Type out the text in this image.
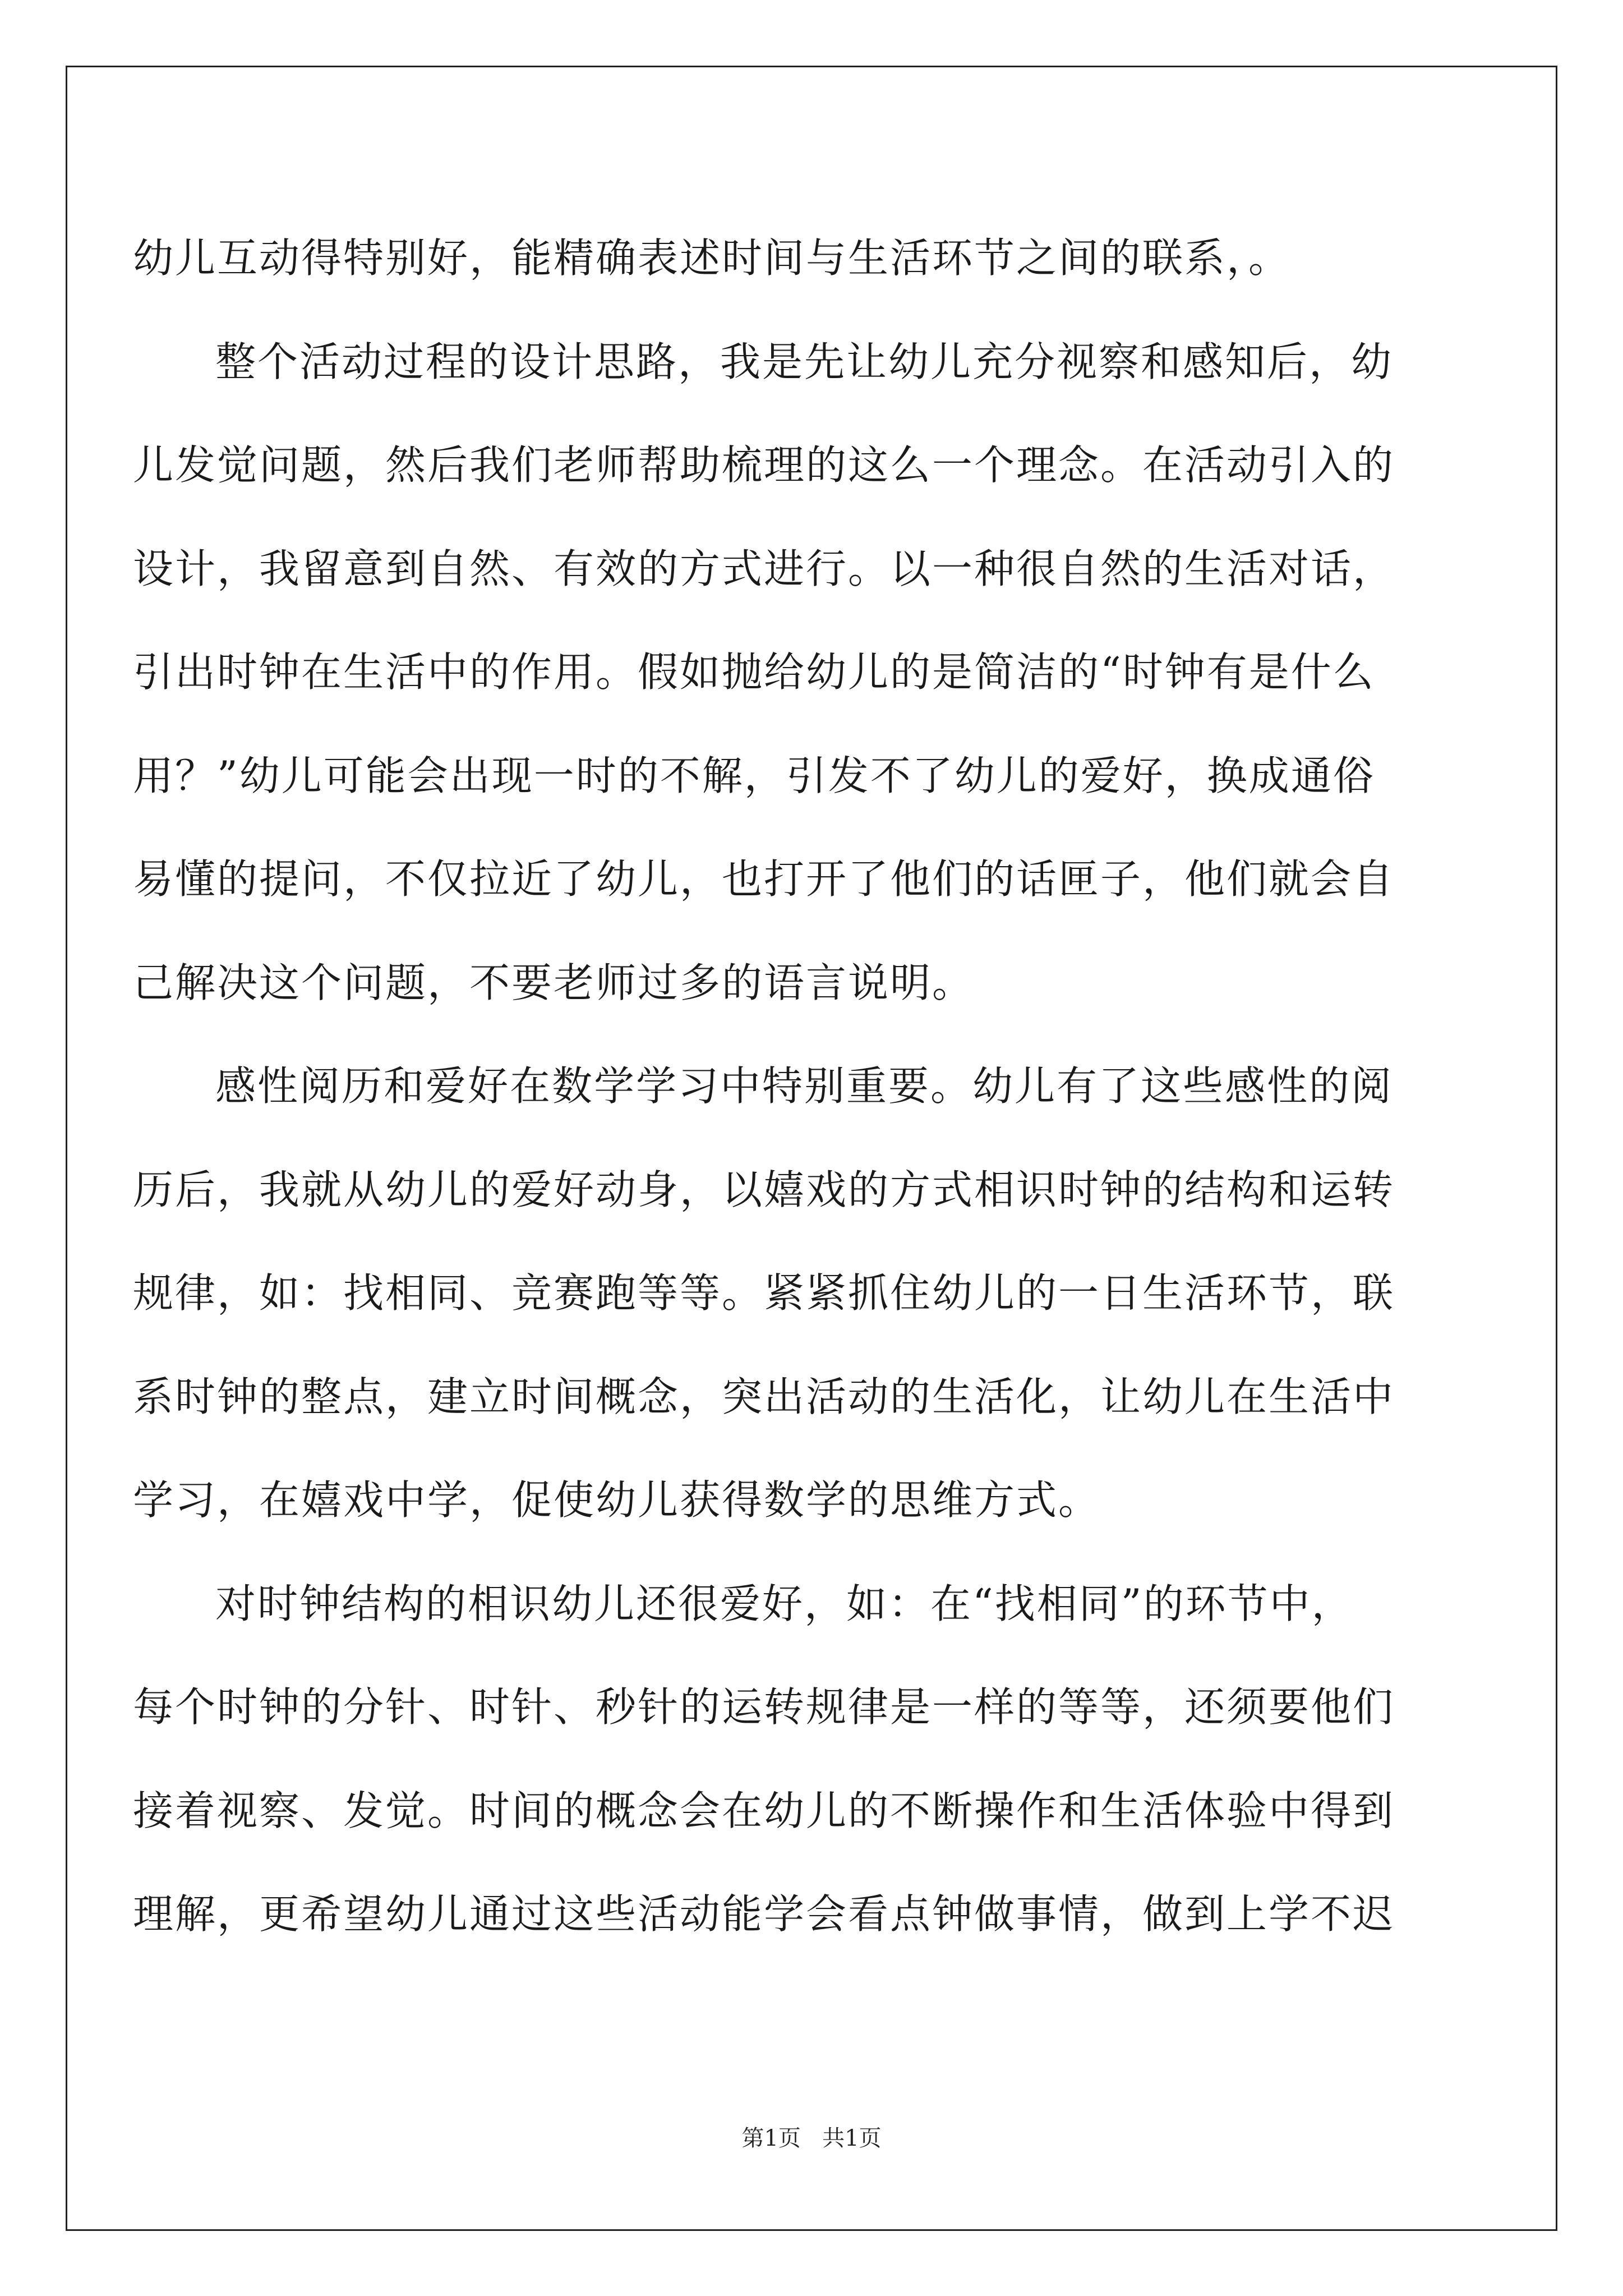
幼儿互动得特别好，能精确表述时间与生活环节之间的联系，。

整个活动过程的设计思路，我是先让幼儿充分视察和感知后，幼
儿发觉问题，然后我们老师帮助梳理的这么一个理念。在活动引入的
设计，我留意到自然、有效的方式进行。以一种很自然的生活对话，
引出时钟在生活中的作用。假如抛给幼儿的是简洁的“时钟有是什么
用？”幼儿可能会出现一时的不解，引发不了幼儿的爱好，换成通俗
易懂的提问，不仅拉近了幼儿，也打开了他们的话匣子，他们就会自
己解决这个问题，不要老师过多的语言说明。

感性阅历和爱好在数学学习中特别重要。幼儿有了这些感性的阅
历后，我就从幼儿的爱好动身，以嬉戏的方式相识时钟的结构和运转
规律，如：找相同、竞赛跑等等。紧紧抓住幼儿的一日生活环节，联
系时钟的整点，建立时间概念，突出活动的生活化，让幼儿在生活中
学习，在嬉戏中学，促使幼儿获得数学的思维方式。

对时钟结构的相识幼儿还很爱好，如：在“找相同”的环节中，
每个时钟的分针、时针、秒针的运转规律是一样的等等，还须要他们
接着视察、发觉。时间的概念会在幼儿的不断操作和生活体验中得到
理解，更希望幼儿通过这些活动能学会看点钟做事情，做到上学不迟

第1页 共1页
